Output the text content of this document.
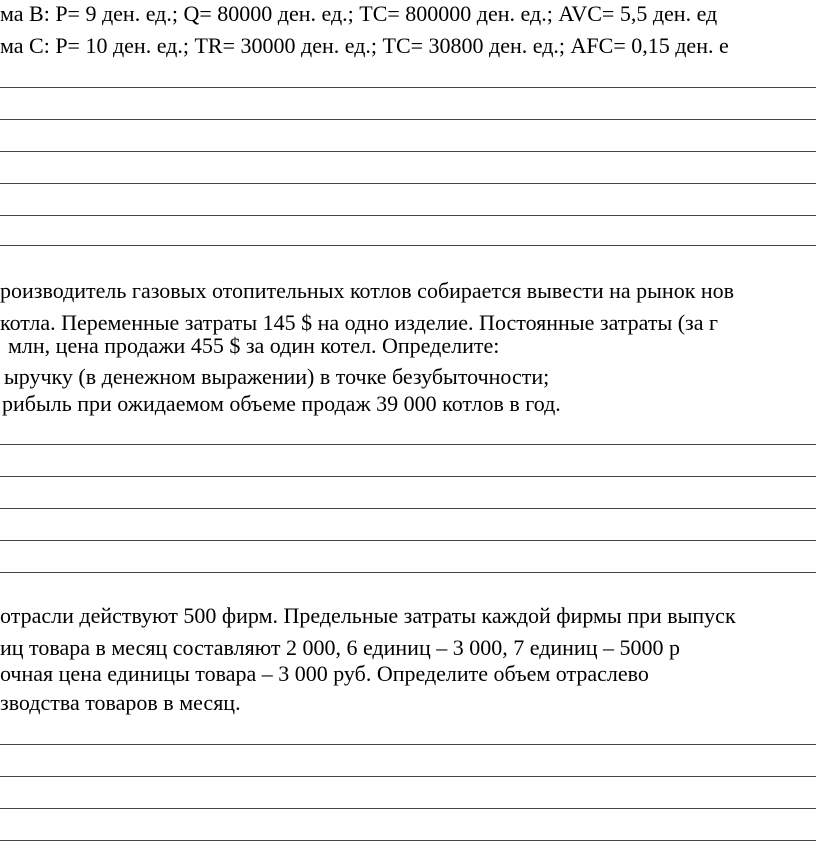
ма В: Р= 9 ден. ед.; Q= 80000 ден. ед.; ТС= 800000 ден. ед.; AVC= 5,5 ден. ед
ма С: Р= 10 ден. ед.; TR= 30000 ден. ед.; ТС= 30800 ден. ед.; AFC= 0,15 ден. е
роизводитель газовых отопительных котлов собирается вывести на рынок нов
котла. Переменные затраты 145 $ на одно изделие. Постоянные затраты (за г
млн, цена продажи 455 $ за один котел. Определите:
ыручку (в денежном выражении) в точке безубыточности;
рибыль при ожидаемом объеме продаж 39 000 котлов в год.
отрасли действуют 500 фирм. Предельные затраты каждой фирмы при выпуск
иц товара в месяц составляют 2 000, 6 единиц – 3 000, 7 единиц – 5000 р
очная цена единицы товара – 3 000 руб. Определите объем отраслево
зводства товаров в месяц.
